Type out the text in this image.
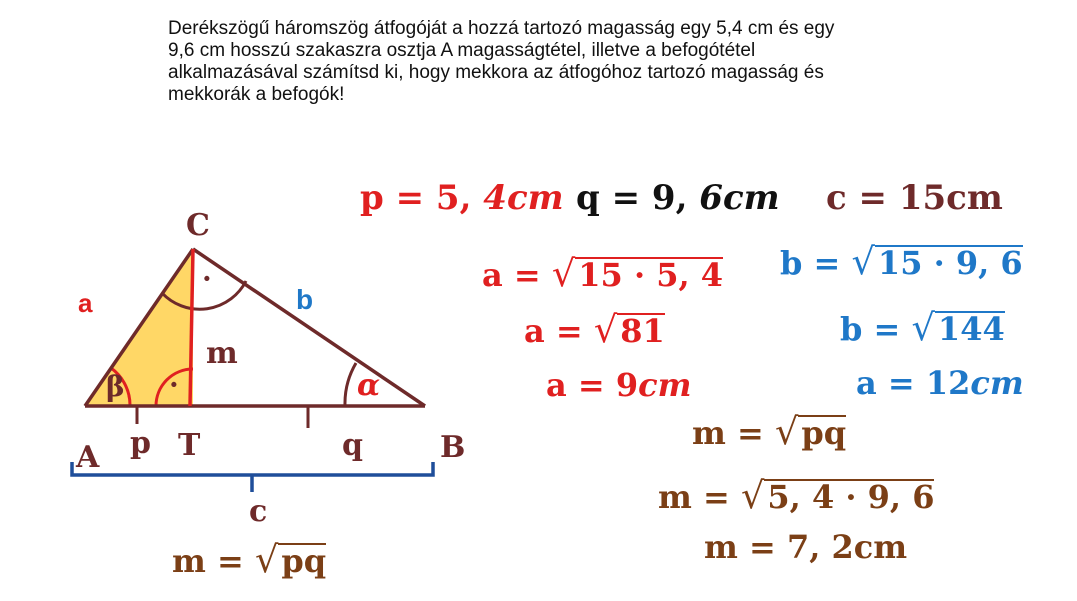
Derékszögű háromszög átfogóját a hozzá tartozó magasság egy 5,4 cm és egy 9,6 cm hosszú szakaszra osztja A magasságtétel, illetve a befogótétel alkalmazásával számítsd ki, hogy mekkora az átfogóhoz tartozó magasság és mekkorák a befogók!
C
a	b
m
·
·
β	α
A p T	q	B
c
m = √pq
p = 5, 4cm q = 9, 6cm c = 15cm
a = √15 · 5, 4
a = √81
a = 9cm
b = √15 · 9, 6
b = √144
a = 12cm
m = √pq
m = √5, 4 · 9, 6
m = 7, 2cm
